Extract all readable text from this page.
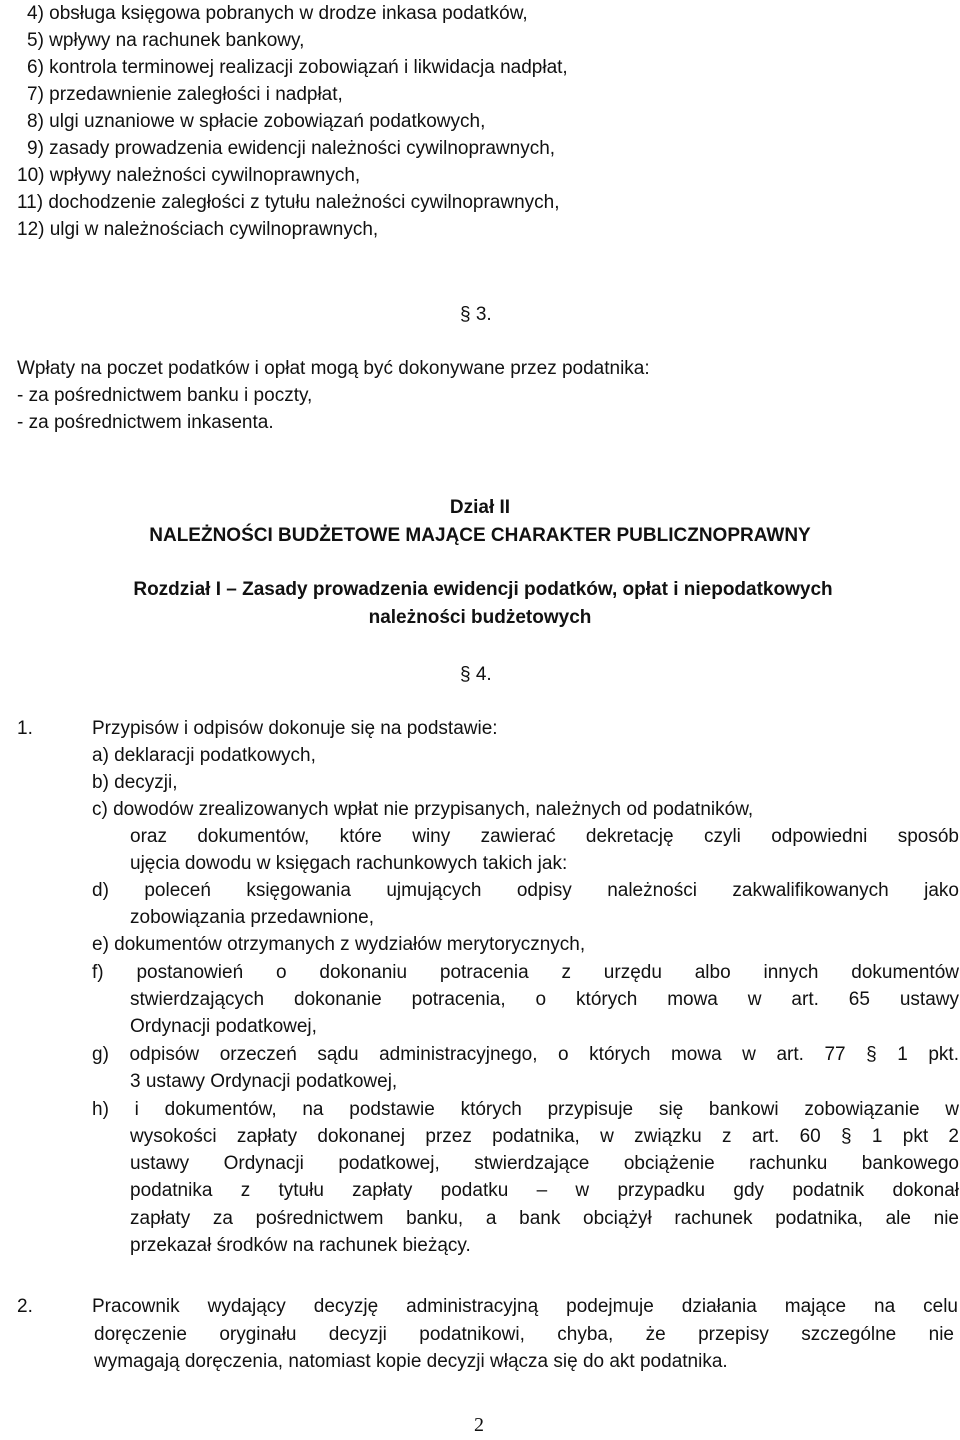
4) obsługa księgowa pobranych w drodze inkasa podatków,
5) wpływy na rachunek bankowy,
6) kontrola terminowej realizacji zobowiązań i likwidacja nadpłat,
7) przedawnienie zaległości i nadpłat,
8) ulgi uznaniowe w spłacie zobowiązań podatkowych,
9) zasady prowadzenia ewidencji należności cywilnoprawnych,
10) wpływy należności cywilnoprawnych,
11) dochodzenie zaległości z tytułu należności cywilnoprawnych,
12) ulgi w należnościach cywilnoprawnych,
§ 3.
Wpłaty na poczet podatków i opłat mogą być dokonywane przez podatnika:
- za pośrednictwem banku i poczty,
- za pośrednictwem inkasenta.
Dział II
NALEŻNOŚCI BUDŻETOWE MAJĄCE CHARAKTER PUBLICZNOPRAWNY
Rozdział I – Zasady prowadzenia ewidencji podatków, opłat i niepodatkowych
należności budżetowych
§ 4.
1.	Przypisów i odpisów dokonuje się na podstawie:
a) deklaracji podatkowych,
b) decyzji,
c) dowodów zrealizowanych wpłat nie przypisanych, należnych od podatników,
oraz dokumentów, które winy zawierać dekretację czyli odpowiedni sposób
ujęcia dowodu w księgach rachunkowych takich jak:
d) poleceń księgowania ujmujących odpisy należności zakwalifikowanych jako
zobowiązania przedawnione,
e) dokumentów otrzymanych z wydziałów merytorycznych,
f) postanowień o dokonaniu potracenia z urzędu albo innych dokumentów
stwierdzających dokonanie potracenia, o których mowa w art. 65 ustawy
Ordynacji podatkowej,
g) odpisów orzeczeń sądu administracyjnego, o których mowa w art. 77 § 1 pkt.
3 ustawy Ordynacji podatkowej,
h) i dokumentów, na podstawie których przypisuje się bankowi zobowiązanie w
wysokości zapłaty dokonanej przez podatnika, w związku z art. 60 § 1 pkt 2
ustawy Ordynacji podatkowej, stwierdzające obciążenie rachunku bankowego
podatnika z tytułu zapłaty podatku – w przypadku gdy podatnik dokonał
zapłaty za pośrednictwem banku, a bank obciążył rachunek podatnika, ale nie
przekazał środków na rachunek bieżący.
2.	Pracownik wydający decyzję administracyjną podejmuje działania mające na celu
doręczenie oryginału decyzji podatnikowi, chyba, że przepisy szczególne nie
wymagają doręczenia, natomiast kopie decyzji włącza się do akt podatnika.
2
